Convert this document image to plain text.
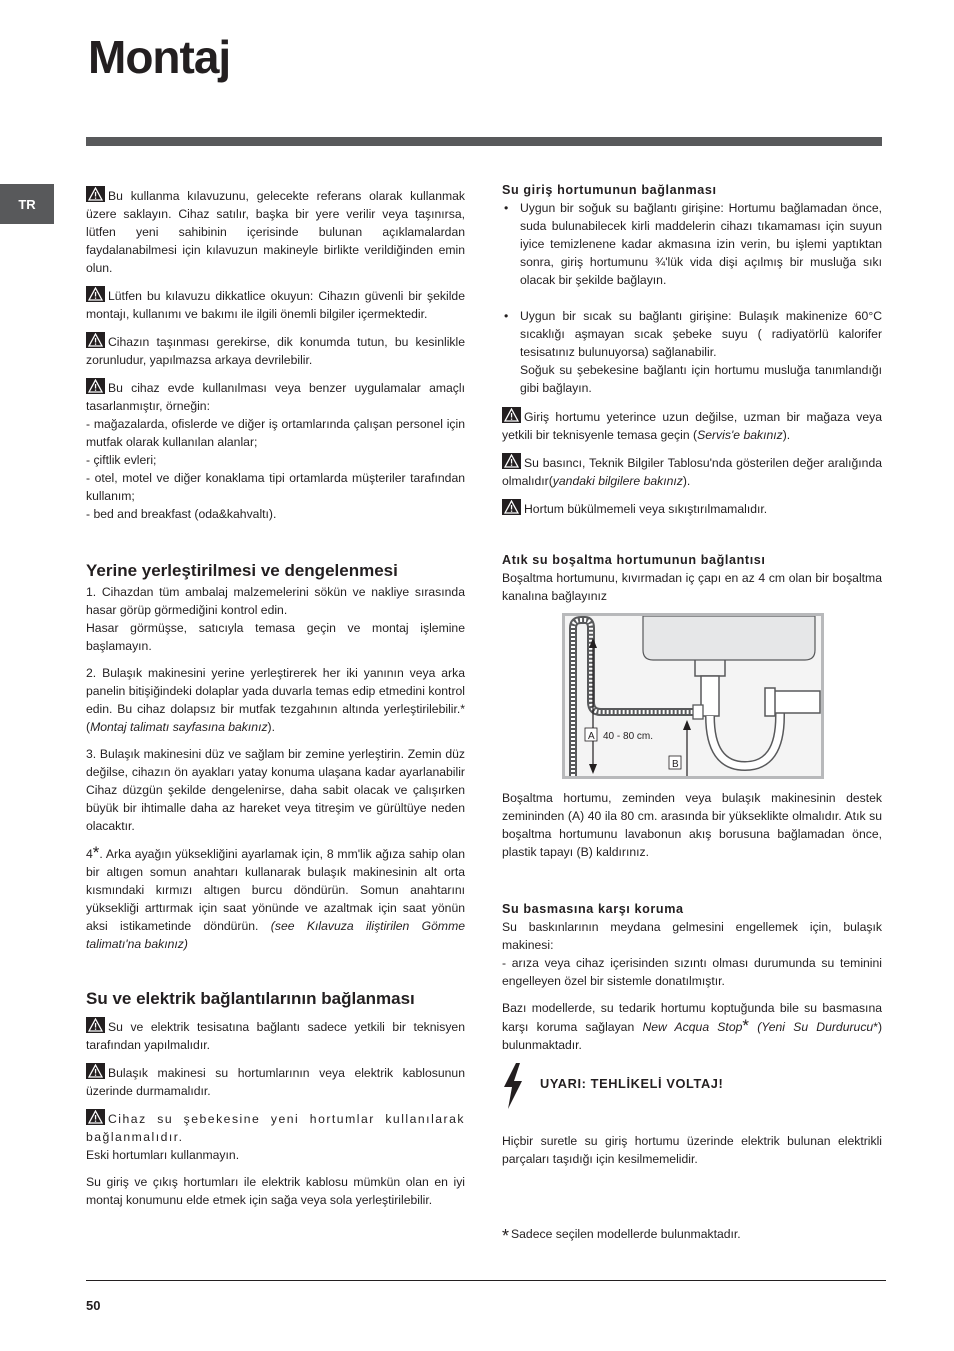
Montaj
TR

Bu kullanma kılavuzunu, gelecekte referans olarak kullanmak üzere saklayın. Cihaz satılır, başka bir yere verilir veya taşınırsa, lütfen yeni sahibinin içerisinde bulunan açıklamalardan faydalanabilmesi için kılavuzun makineyle birlikte verildiğinden emin olun.

Lütfen bu kılavuzu dikkatlice okuyun: Cihazın güvenli bir şekilde montajı, kullanımı ve bakımı ile ilgili önemli bilgiler içermektedir.

Cihazın taşınması gerekirse, dik konumda tutun, bu kesinlikle zorunludur, yapılmazsa arkaya devrilebilir.

Bu cihaz evde kullanılması veya benzer uygulamalar amaçlı tasarlanmıştır, örneğin:
- mağazalarda, ofislerde ve diğer iş ortamlarında çalışan personel için mutfak olarak kullanılan alanlar;
- çiftlik evleri;
- otel, motel ve diğer konaklama tipi ortamlarda müşteriler tarafından kullanım;
- bed and breakfast (oda&kahvaltı).

Yerine yerleştirilmesi ve dengelenmesi

1. Cihazdan tüm ambalaj malzemelerini sökün ve nakliye sırasında hasar görüp görmediğini kontrol edin.
Hasar görmüşse, satıcıyla temasa geçin ve montaj işlemine başlamayın.

2. Bulaşık makinesini yerine yerleştirerek her iki yanının veya arka panelin bitişiğindeki dolaplar yada duvarla temas edip etmedini kontrol edin. Bu cihaz dolapsız bir mutfak tezgahının altında yerleştirilebilir.* (Montaj talimatı sayfasına bakınız).

3. Bulaşık makinesini düz ve sağlam bir zemine yerleştirin. Zemin düz değilse, cihazın ön ayakları yatay konuma ulaşana kadar ayarlanabilir Cihaz düzgün şekilde dengelenirse, daha sabit olacak ve çalışırken büyük bir ihtimalle daha az hareket veya titreşim ve gürültüye neden olacaktır.

4*. Arka ayağın yüksekliğini ayarlamak için, 8 mm'lik ağıza sahip olan bir altıgen somun anahtarı kullanarak bulaşık makinesinin alt orta kısmındaki kırmızı altıgen burcu döndürün. Somun anahtarını yüksekliği arttırmak için saat yönünde ve azaltmak için saat yönün aksi istikametinde döndürün. (see Kılavuza iliştirilen Gömme talimatı'na bakınız)

Su ve elektrik bağlantılarının bağlanması

Su ve elektrik tesisatına bağlantı sadece yetkili bir teknisyen tarafından yapılmalıdır.

Bulaşık makinesi su hortumlarının veya elektrik kablosunun üzerinde durmamalıdır.

Cihaz su şebekesine yeni hortumlar kullanılarak bağlanmalıdır.
Eski hortumları kullanmayın.

Su giriş ve çıkış hortumları ile elektrik kablosu mümkün olan en iyi montaj konumunu elde etmek için sağa veya sola yerleştirilebilir.

Su giriş hortumunun bağlanması
• Uygun bir soğuk su bağlantı girişine: Hortumu bağlamadan önce, suda bulunabilecek kirli maddelerin cihazı tıkamaması için suyun iyice temizlenene kadar akmasına izin verin, bu işlemi yaptıktan sonra, giriş hortumunu ¾'lük vida dişi açılmış bir musluğa sıkı olacak bir şekilde bağlayın.
• Uygun bir sıcak su bağlantı girişine: Bulaşık makinenize 60°C sıcaklığı aşmayan sıcak şebeke suyu ( radiyatörlü kalorifer tesisatınız bulunuyorsa) sağlanabilir.
Soğuk su şebekesine bağlantı için hortumu musluğa tanımlandığı gibi bağlayın.

Giriş hortumu yeterince uzun değilse, uzman bir mağaza veya yetkili bir teknisyenle temasa geçin (Servis'e bakınız).

Su basıncı, Teknik Bilgiler Tablosu'nda gösterilen değer aralığında olmalıdır(yandaki bilgilere bakınız).

Hortum bükülmemeli veya sıkıştırılmamalıdır.

Atık su boşaltma hortumunun bağlantısı

Boşaltma hortumunu, kıvırmadan iç çapı en az 4 cm olan bir boşaltma kanalına bağlayınız

A 40 - 80 cm.
B

Boşaltma hortumu, zeminden veya bulaşık makinesinin destek zemininden (A) 40 ila 80 cm. arasında bir yükseklikte olmalıdır. Atık su boşaltma hortumunu lavabonun akış borusuna bağlamadan önce, plastik tapayı (B) kaldırınız.

Su basmasına karşı koruma

Su baskınlarının meydana gelmesini engellemek için, bulaşık makinesi:
- arıza veya cihaz içerisinden sızıntı olması durumunda su teminini engelleyen özel bir sistemle donatılmıştır.

Bazı modellerde, su tedarik hortumu koptuğunda bile su basmasına karşı koruma sağlayan New Acqua Stop* (Yeni Su Durdurucu*) bulunmaktadır.

UYARI: TEHLİKELİ VOLTAJ!

Hiçbir suretle su giriş hortumu üzerinde elektrik bulunan elektrikli parçaları taşıdığı için kesilmemelidir.

* Sadece seçilen modellerde bulunmaktadır.
50
